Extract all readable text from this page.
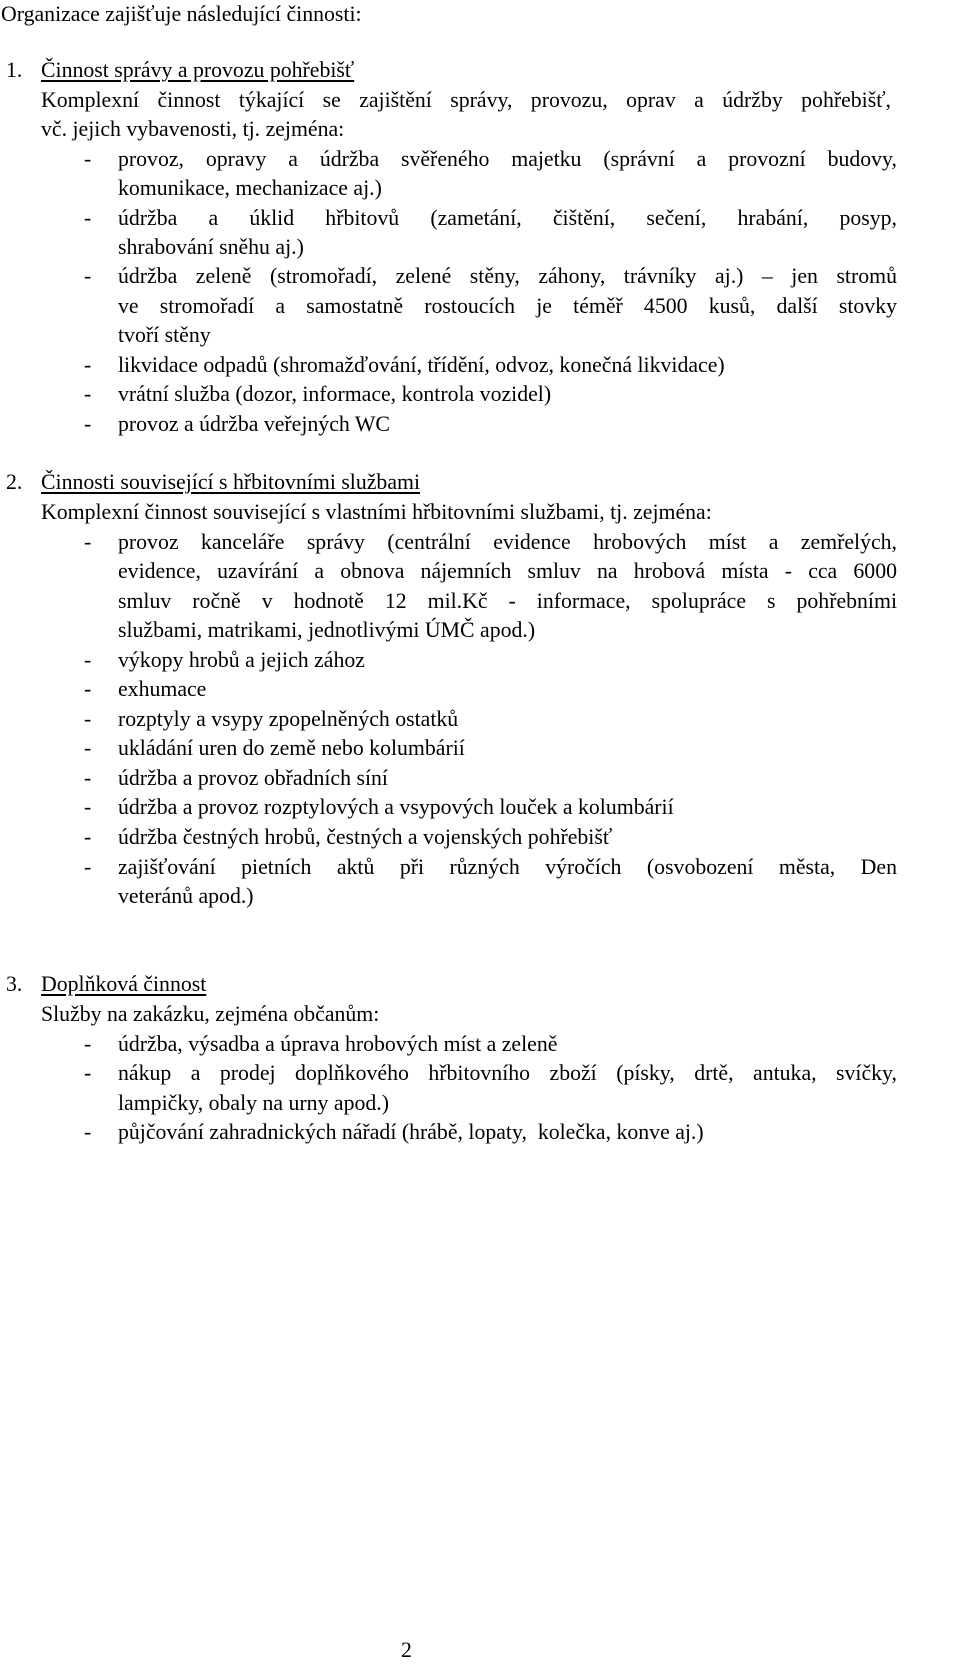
Organizace zajišťuje následující činnosti:
1. Činnost správy a provozu pohřebišť
Komplexní činnost týkající se zajištění správy, provozu, oprav a údržby pohřebišť,
vč. jejich vybavenosti, tj. zejména:
- provoz, opravy a údržba svěřeného majetku (správní a provozní budovy,
komunikace, mechanizace aj.)
- údržba a úklid hřbitovů (zametání, čištění, sečení, hrabání, posyp,
shrabování sněhu aj.)
- údržba zeleně (stromořadí, zelené stěny, záhony, trávníky aj.) – jen stromů
ve stromořadí a samostatně rostoucích je téměř 4500 kusů, další stovky
tvoří stěny
- likvidace odpadů (shromažďování, třídění, odvoz, konečná likvidace)
- vrátní služba (dozor, informace, kontrola vozidel)
- provoz a údržba veřejných WC
2. Činnosti související s hřbitovními službami
Komplexní činnost související s vlastními hřbitovními službami, tj. zejména:
- provoz kanceláře správy (centrální evidence hrobových míst a zemřelých,
evidence, uzavírání a obnova nájemních smluv na hrobová místa - cca 6000
smluv ročně v hodnotě 12 mil.Kč - informace, spolupráce s pohřebními
službami, matrikami, jednotlivými ÚMČ apod.)
- výkopy hrobů a jejich zához
- exhumace
- rozptyly a vsypy zpopelněných ostatků
- ukládání uren do země nebo kolumbárií
- údržba a provoz obřadních síní
- údržba a provoz rozptylových a vsypových louček a kolumbárií
- údržba čestných hrobů, čestných a vojenských pohřebišť
- zajišťování pietních aktů při různých výročích (osvobození města, Den
veteránů apod.)
3. Doplňková činnost
Služby na zakázku, zejména občanům:
- údržba, výsadba a úprava hrobových míst a zeleně
- nákup a prodej doplňkového hřbitovního zboží (písky, drtě, antuka, svíčky,
lampičky, obaly na urny apod.)
- půjčování zahradnických nářadí (hrábě, lopaty,  kolečka, konve aj.)
2
